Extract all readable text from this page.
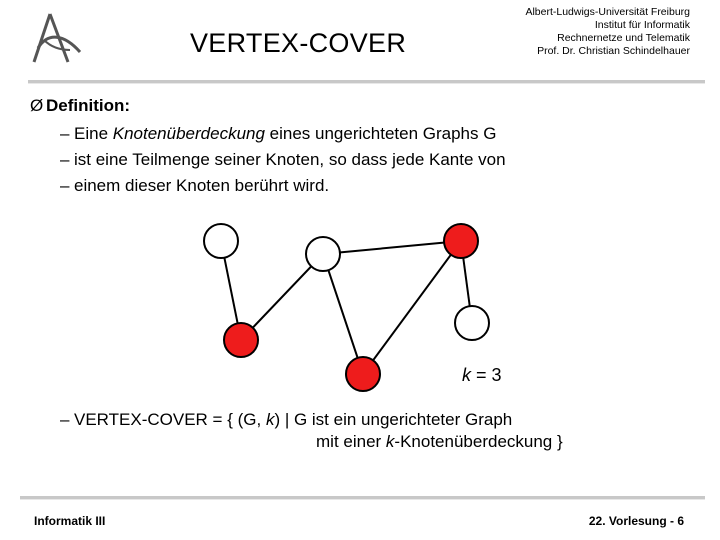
VERTEX-COVER
Albert-Ludwigs-Universität Freiburg
Institut für Informatik
Rechnernetze und Telematik
Prof. Dr. Christian Schindelhauer
Ø Definition:
– Eine Knotenüberdeckung eines ungerichteten Graphs G
– ist eine Teilmenge seiner Knoten, so dass jede Kante von
– einem dieser Knoten berührt wird.
k = 3
– VERTEX-COVER = { (G, k) | G ist ein ungerichteter Graph
mit einer k-Knotenüberdeckung }
Informatik III	22. Vorlesung - 6
